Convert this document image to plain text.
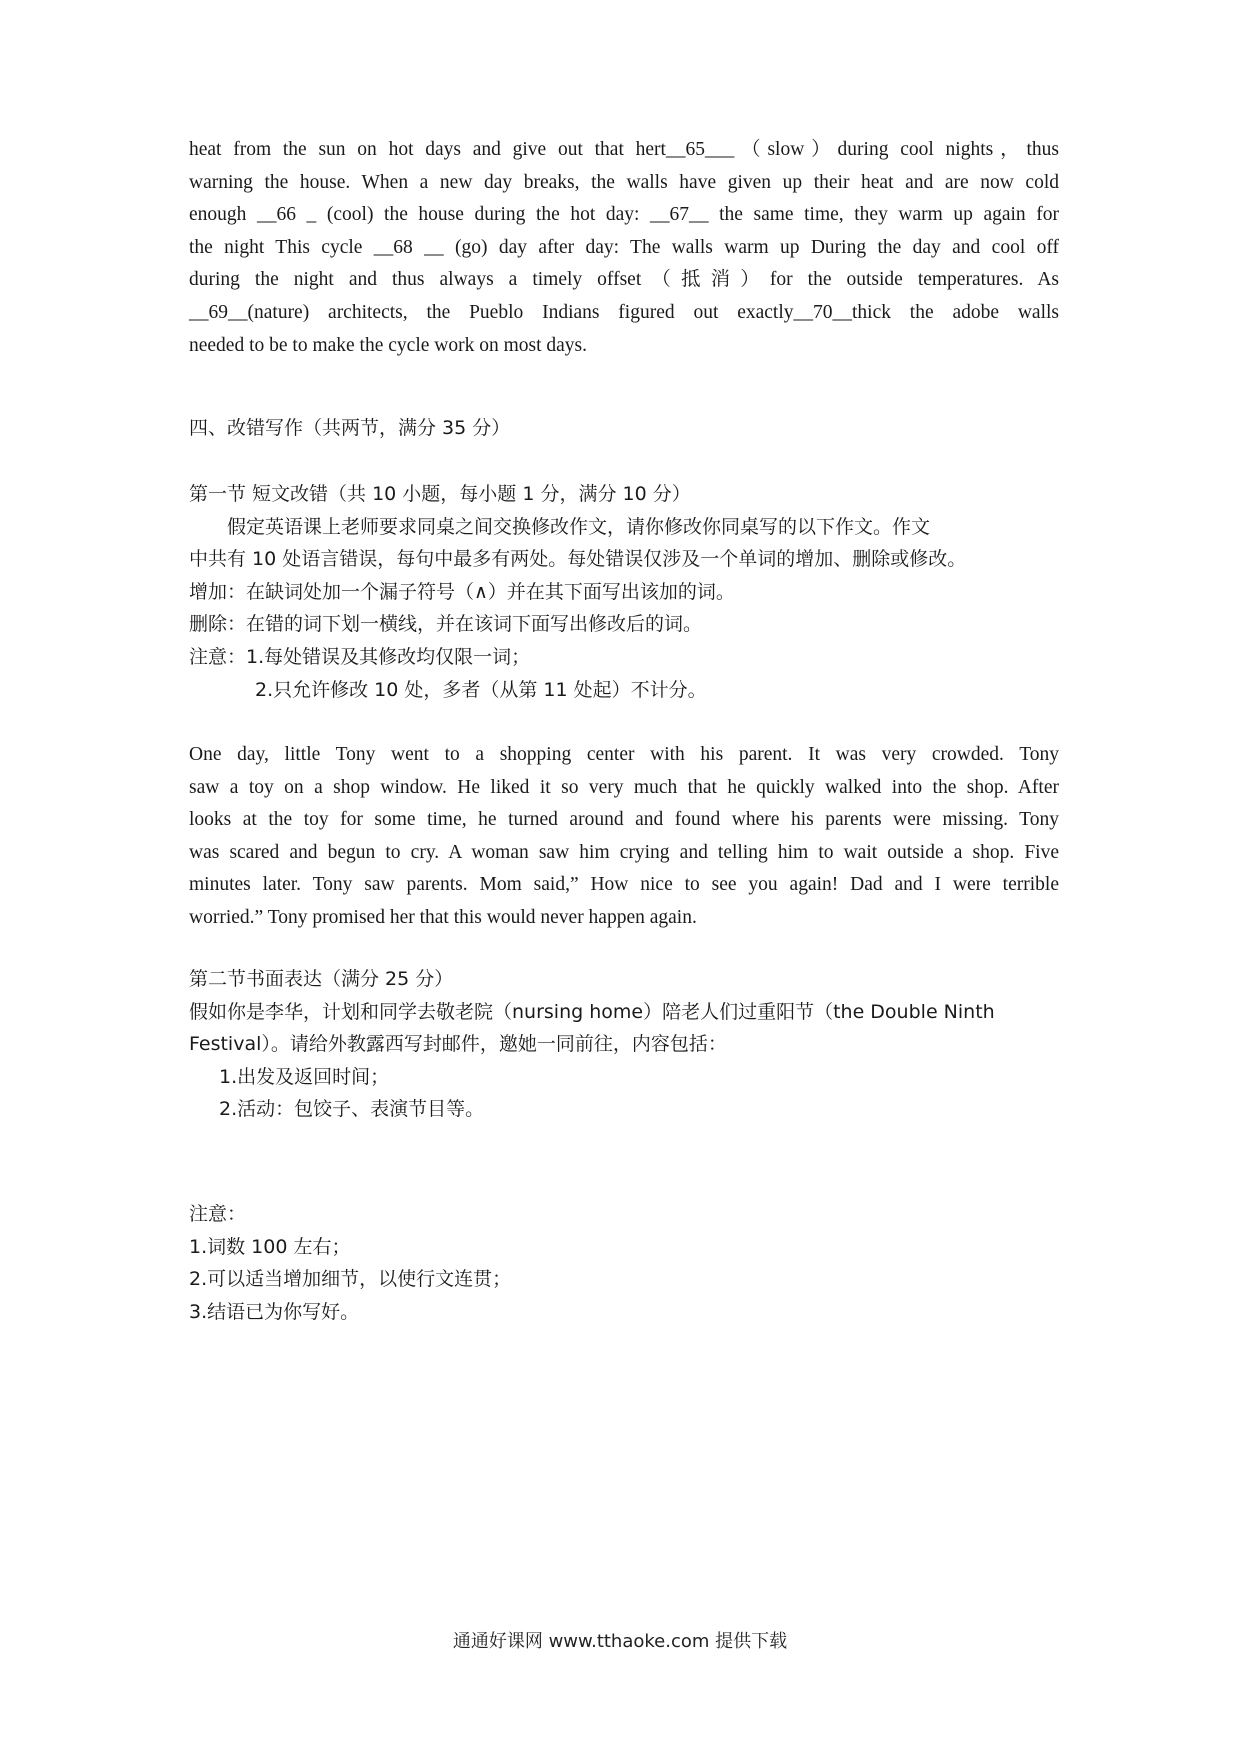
heat from the sun on hot days and give out that hert__65___（slow）during cool nights，thus

warning the house. When a new day breaks, the walls have given up their heat and are now cold

enough __66 _ (cool) the house during the hot day: __67__ the same time, they warm up again for

the night This cycle __68 __ (go) day after day: The walls warm up During the day and cool off

during the night and thus always a timely offset（抵消）for the outside temperatures. As

__69__(nature) architects, the Pueblo Indians figured out exactly__70__thick the adobe walls

needed to be to make the cycle work on most days.

四、改错写作（共两节，满分 35 分）

第一节 短文改错（共 10 小题，每小题 1 分，满分 10 分）

　　假定英语课上老师要求同桌之间交换修改作文，请你修改你同桌写的以下作文。作文

中共有 10 处语言错误，每句中最多有两处。每处错误仅涉及一个单词的增加、删除或修改。

增加：在缺词处加一个漏子符号（∧）并在其下面写出该加的词。

删除：在错的词下划一横线，并在该词下面写出修改后的词。

注意：1.每处错误及其修改均仅限一词；

2.只允许修改 10 处，多者（从第 11 处起）不计分。

One day, little Tony went to a shopping center with his parent. It was very crowded. Tony

saw a toy on a shop window. He liked it so very much that he quickly walked into the shop. After

looks at the toy for some time, he turned around and found where his parents were missing. Tony

was scared and begun to cry. A woman saw him crying and telling him to wait outside a shop. Five

minutes later. Tony saw parents. Mom said,” How nice to see you again! Dad and I were terrible

worried.” Tony promised her that this would never happen again.

第二节书面表达（满分 25 分）

假如你是李华，计划和同学去敬老院（nursing home）陪老人们过重阳节（the Double Ninth

Festival）。请给外教露西写封邮件，邀她一同前往，内容包括：

1.出发及返回时间；

2.活动：包饺子、表演节目等。

注意：

1.词数 100 左右；

2.可以适当增加细节，以使行文连贯；

3.结语已为你写好。

通通好课网 www.tthaoke.com 提供下载
